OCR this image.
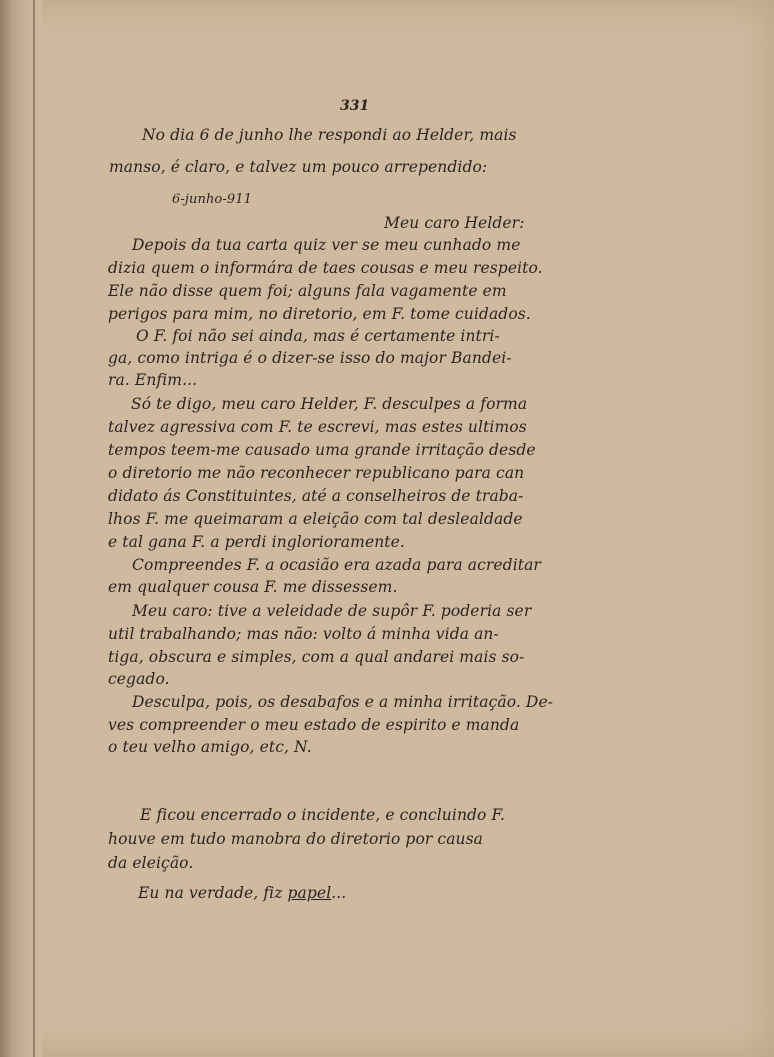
331
No dia 6 de junho lhe respondi ao Helder, mais
manso, é claro, e talvez um pouco arrependido:
6-junho-911
Meu caro Helder:
Depois da tua carta quiz ver se meu cunhado me
dizia quem o informára de taes cousas e meu respeito.
Ele não disse quem foi; alguns fala vagamente em
perigos para mim, no diretorio, em F. tome cuidados.
O F. foi não sei ainda, mas é certamente intri-
ga, como intriga é o dizer-se isso do major Bandei-
ra. Enfim...
Só te digo, meu caro Helder, F. desculpes a forma
talvez agressiva com F. te escrevi, mas estes ultimos
tempos teem-me causado uma grande irritação desde
o diretorio me não reconhecer republicano para can
didato ás Constituintes, até a conselheiros de traba-
lhos F. me queimaram a eleição com tal deslealdade
e tal gana F. a perdi inglorioramente.
Compreendes F. a ocasião era azada para acreditar
em qualquer cousa F. me dissessem.
Meu caro: tive a veleidade de supôr F. poderia ser
util trabalhando; mas não: volto á minha vida an-
tiga, obscura e simples, com a qual andarei mais so-
cegado.
Desculpa, pois, os desabafos e a minha irritação. De-
ves compreender o meu estado de espirito e manda
o teu velho amigo, etc, N.
E ficou encerrado o incidente, e concluindo F.
houve em tudo manobra do diretorio por causa
da eleição.
Eu na verdade, fiz papel...
